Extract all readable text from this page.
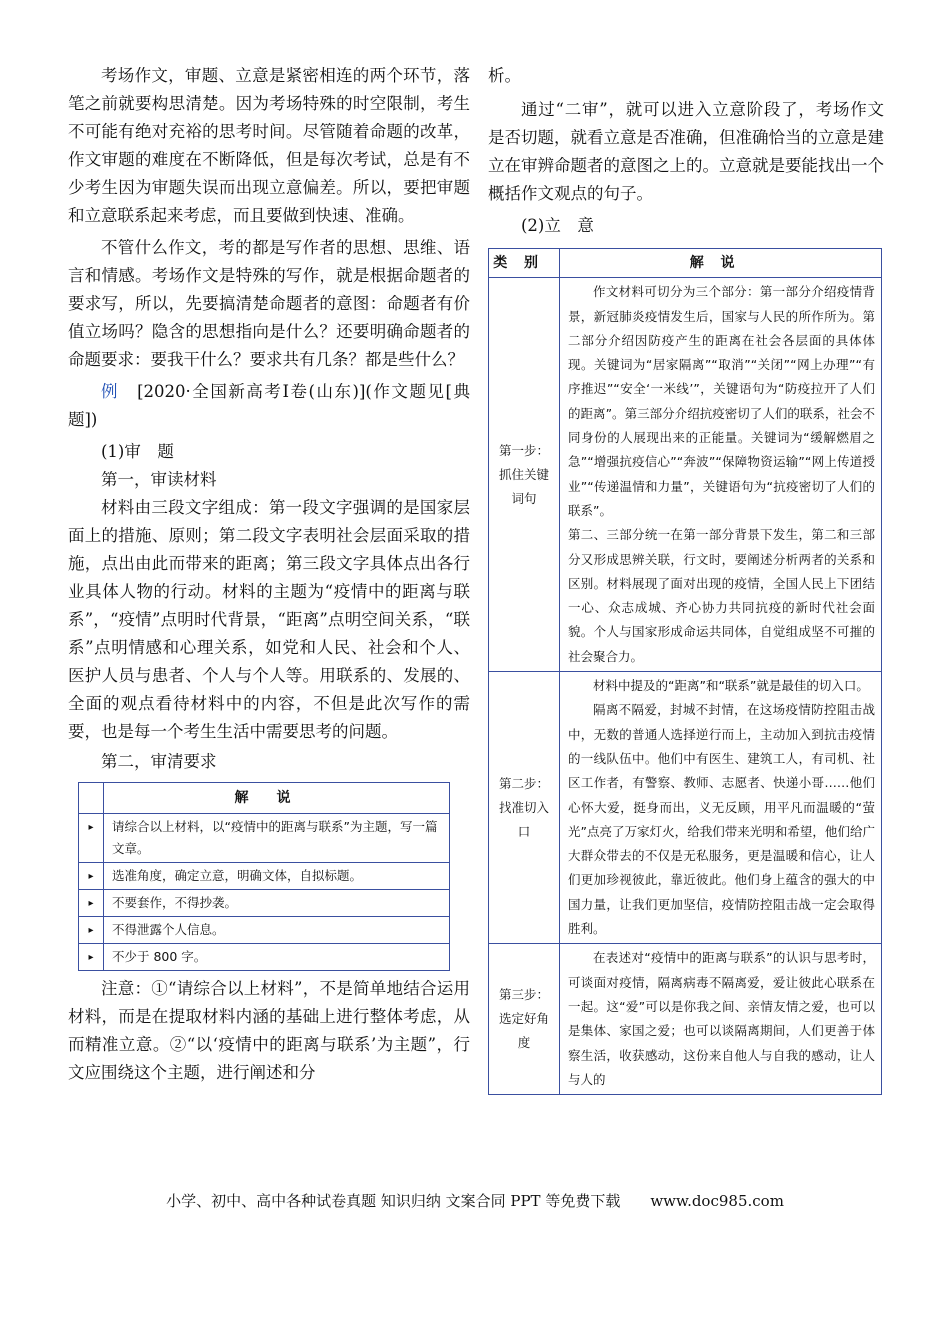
考场作文，审题、立意是紧密相连的两个环节，落笔之前就要构思清楚。因为考场特殊的时空限制，考生不可能有绝对充裕的思考时间。尽管随着命题的改革，作文审题的难度在不断降低，但是每次考试，总是有不少考生因为审题失误而出现立意偏差。所以，要把审题和立意联系起来考虑，而且要做到快速、准确。

不管什么作文，考的都是写作者的思想、思维、语言和情感。考场作文是特殊的写作，就是根据命题者的要求写，所以，先要搞清楚命题者的意图：命题者有价值立场吗？隐含的思想指向是什么？还要明确命题者的命题要求：要我干什么？要求共有几条？都是些什么？

例　[2020·全国新高考Ⅰ卷(山东)](作文题见[典题])

(1)审　题

第一，审读材料

材料由三段文字组成：第一段文字强调的是国家层面上的措施、原则；第二段文字表明社会层面采取的措施，点出由此而带来的距离；第三段文字具体点出各行业具体人物的行动。材料的主题为“疫情中的距离与联系”，“疫情”点明时代背景，“距离”点明空间关系，“联系”点明情感和心理关系，如党和人民、社会和个人、医护人员与患者、个人与个人等。用联系的、发展的、全面的观点看待材料中的内容，不但是此次写作的需要，也是每一个考生生活中需要思考的问题。

第二，审清要求

	解说
▸	请综合以上材料，以“疫情中的距离与联系”为主题，写一篇文章。
▸	选准角度，确定立意，明确文体，自拟标题。
▸	不要套作，不得抄袭。
▸	不得泄露个人信息。
▸	不少于 800 字。

注意：①“请综合以上材料”，不是简单地结合运用材料，而是在提取材料内涵的基础上进行整体考虑，从而精准立意。②“以‘疫情中的距离与联系’为主题”，行文应围绕这个主题，进行阐述和分

析。

通过“二审”，就可以进入立意阶段了，考场作文是否切题，就看立意是否准确，但准确恰当的立意是建立在审辨命题者的意图之上的。立意就是要能找出一个概括作文观点的句子。

(2)立　意

类别	解说
第一步：抓住关键词句	作文材料可切分为三个部分：第一部分介绍疫情背景，新冠肺炎疫情发生后，国家与人民的所作所为。第二部分介绍因防疫产生的距离在社会各层面的具体体现。关键词为“居家隔离”“取消”“关闭”“网上办理”“有序推迟”“安全‘一米线’”，关键语句为“防疫拉开了人们的距离”。第三部分介绍抗疫密切了人们的联系，社会不同身份的人展现出来的正能量。关键词为“缓解燃眉之急”“增强抗疫信心”“奔波”“保障物资运输”“网上传道授业”“传递温情和力量”，关键语句为“抗疫密切了人们的联系”。
第二、三部分统一在第一部分背景下发生，第二和三部分又形成思辨关联，行文时，要阐述分析两者的关系和区别。材料展现了面对出现的疫情，全国人民上下团结一心、众志成城、齐心协力共同抗疫的新时代社会面貌。个人与国家形成命运共同体，自觉组成坚不可摧的社会聚合力。

第二步：找准切入口	材料中提及的“距离”和“联系”就是最佳的切入口。
隔离不隔爱，封城不封情，在这场疫情防控阻击战中，无数的普通人选择逆行而上，主动加入到抗击疫情的一线队伍中。他们中有医生、建筑工人，有司机、社区工作者，有警察、教师、志愿者、快递小哥……他们心怀大爱，挺身而出，义无反顾，用平凡而温暖的“萤光”点亮了万家灯火，给我们带来光明和希望，他们给广大群众带去的不仅是无私服务，更是温暖和信心，让人们更加珍视彼此，靠近彼此。他们身上蕴含的强大的中国力量，让我们更加坚信，疫情防控阻击战一定会取得胜利。

第三步：选定好角度	在表述对“疫情中的距离与联系”的认识与思考时，可谈面对疫情，隔离病毒不隔离爱，爱让彼此心联系在一起。这“爱”可以是你我之间、亲情友情之爱，也可以是集体、家国之爱；也可以谈隔离期间，人们更善于体察生活，收获感动，这份来自他人与自我的感动，让人与人的
小学、初中、高中各种试卷真题 知识归纳 文案合同 PPT 等免费下载　　www.doc985.com
